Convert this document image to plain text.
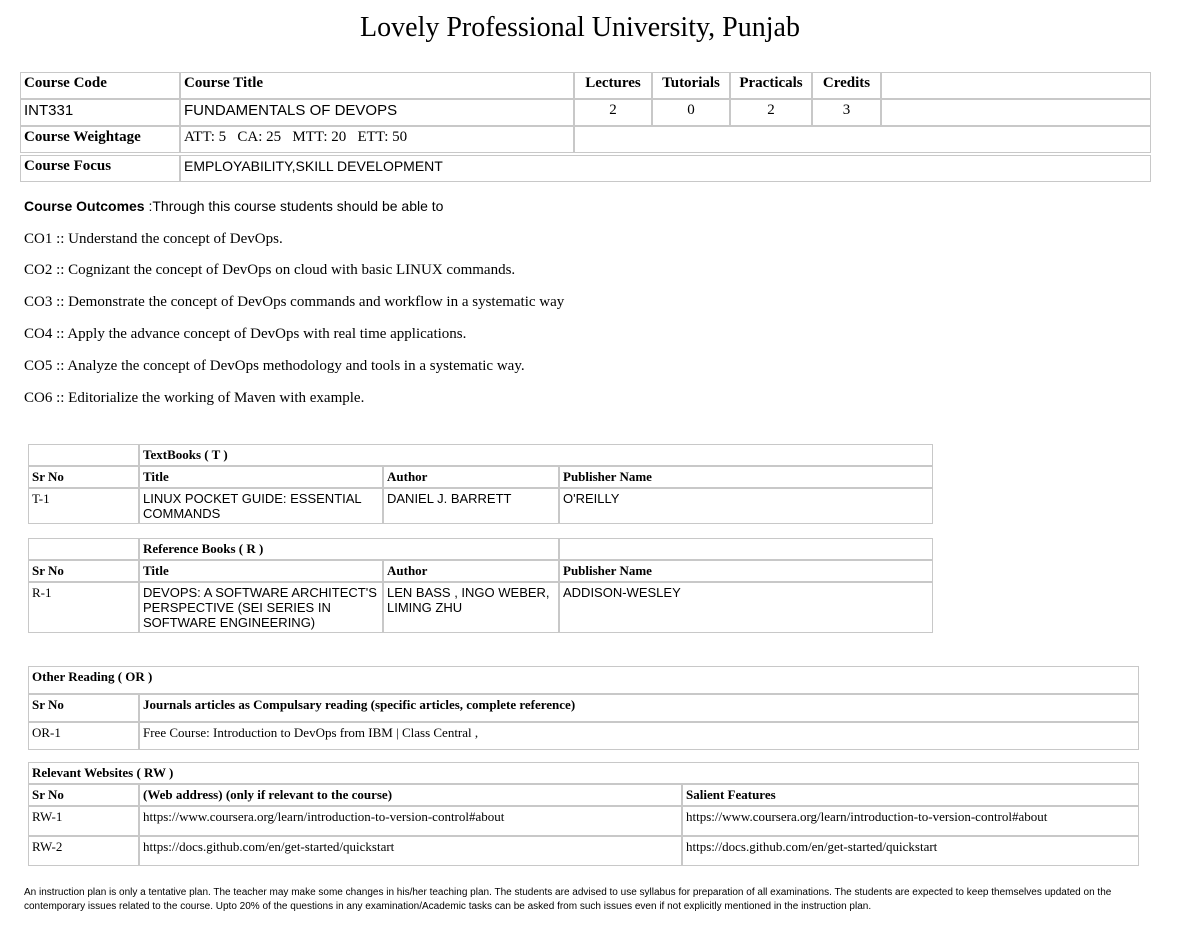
Lovely Professional University, Punjab
Course Code	Course Title	Lectures	Tutorials	Practicals	Credits	
INT331	FUNDAMENTALS OF DEVOPS	2	0	2	3	
Course Weightage	ATT: 5   CA: 25   MTT: 20   ETT: 50					

Course Focus	EMPLOYABILITY,SKILL DEVELOPMENT					
Course Outcomes :Through this course students should be able to
CO1 :: Understand the concept of DevOps.
CO2 :: Cognizant the concept of DevOps on cloud with basic LINUX commands.
CO3 :: Demonstrate the concept of DevOps commands and workflow in a systematic way
CO4 :: Apply the advance concept of DevOps with real time applications.
CO5 :: Analyze the concept of DevOps methodology and tools in a systematic way.
CO6 :: Editorialize the working of Maven with example.
	TextBooks ( T )		
Sr No	Title	Author	Publisher Name
T-1	LINUX POCKET GUIDE: ESSENTIAL COMMANDS	DANIEL J. BARRETT	O'REILLY
	Reference Books ( R )		
Sr No	Title	Author	Publisher Name
R-1	DEVOPS: A SOFTWARE ARCHITECT'S PERSPECTIVE (SEI SERIES IN SOFTWARE ENGINEERING)	LEN BASS , INGO WEBER, LIMING ZHU	ADDISON-WESLEY
Other Reading ( OR )	
Sr No	Journals articles as Compulsary reading (specific articles, complete reference)
OR-1	Free Course: Introduction to DevOps from IBM | Class Central ,
Relevant Websites ( RW )		
Sr No	(Web address) (only if relevant to the course)	Salient Features
RW-1	https://www.coursera.org/learn/introduction-to-version-control#about	https://www.coursera.org/learn/introduction-to-version-control#about
RW-2	https://docs.github.com/en/get-started/quickstart	https://docs.github.com/en/get-started/quickstart
An instruction plan is only a tentative plan. The teacher may make some changes in his/her teaching plan. The students are advised to use syllabus for preparation of all examinations. The students are expected to keep themselves updated on the contemporary issues related to the course. Upto 20% of the questions in any examination/Academic tasks can be asked from such issues even if not explicitly mentioned in the instruction plan.
